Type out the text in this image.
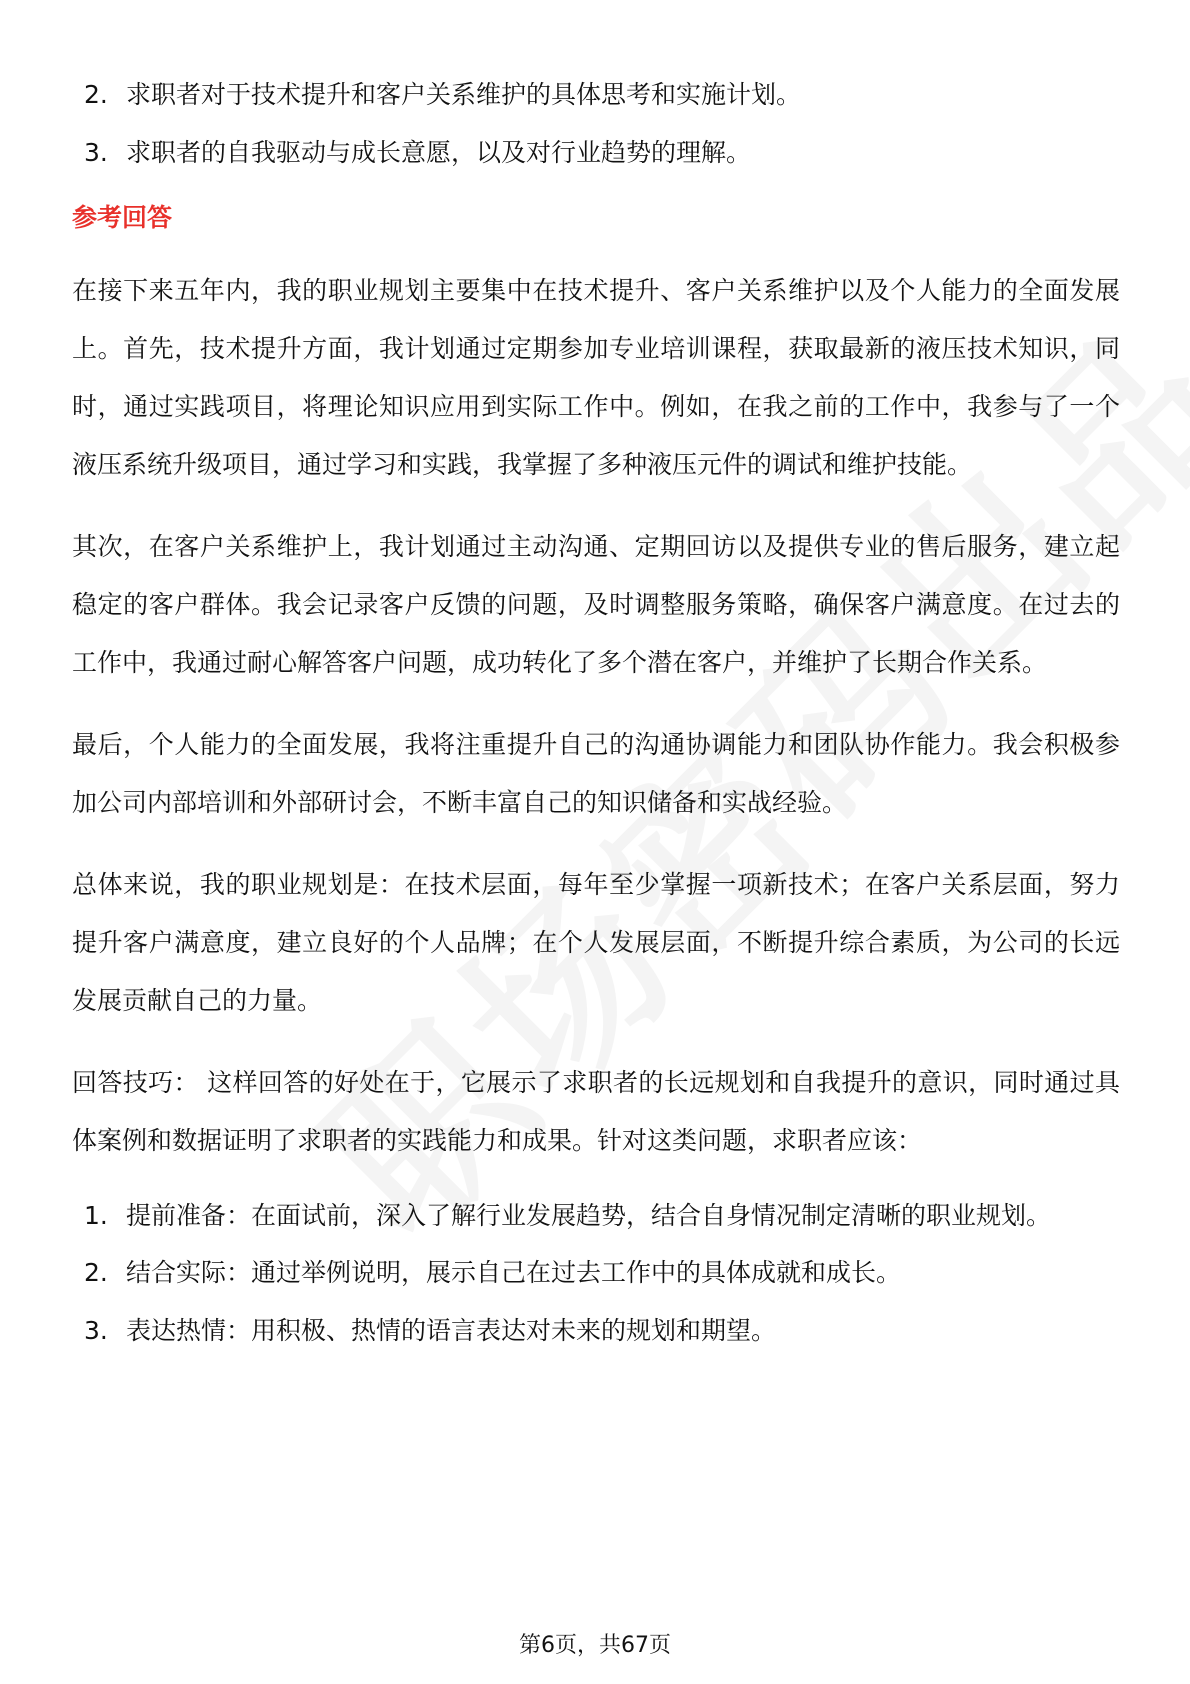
2. 求职者对于技术提升和客户关系维护的具体思考和实施计划。
3. 求职者的自我驱动与成长意愿，以及对行业趋势的理解。
参考回答

在接下来五年内，我的职业规划主要集中在技术提升、客户关系维护以及个人能力的全面发展上。首先，技术提升方面，我计划通过定期参加专业培训课程，获取最新的液压技术知识，同时，通过实践项目，将理论知识应用到实际工作中。例如，在我之前的工作中，我参与了一个液压系统升级项目，通过学习和实践，我掌握了多种液压元件的调试和维护技能。

其次，在客户关系维护上，我计划通过主动沟通、定期回访以及提供专业的售后服务，建立起稳定的客户群体。我会记录客户反馈的问题，及时调整服务策略，确保客户满意度。在过去的工作中，我通过耐心解答客户问题，成功转化了多个潜在客户，并维护了长期合作关系。

最后，个人能力的全面发展，我将注重提升自己的沟通协调能力和团队协作能力。我会积极参加公司内部培训和外部研讨会，不断丰富自己的知识储备和实战经验。

总体来说，我的职业规划是：在技术层面，每年至少掌握一项新技术；在客户关系层面，努力提升客户满意度，建立良好的个人品牌；在个人发展层面，不断提升综合素质，为公司的长远发展贡献自己的力量。

回答技巧： 这样回答的好处在于，它展示了求职者的长远规划和自我提升的意识，同时通过具体案例和数据证明了求职者的实践能力和成果。针对这类问题，求职者应该：

1. 提前准备：在面试前，深入了解行业发展趋势，结合自身情况制定清晰的职业规划。
2. 结合实际：通过举例说明，展示自己在过去工作中的具体成就和成长。
3. 表达热情：用积极、热情的语言表达对未来的规划和期望。
第6页，共67页
